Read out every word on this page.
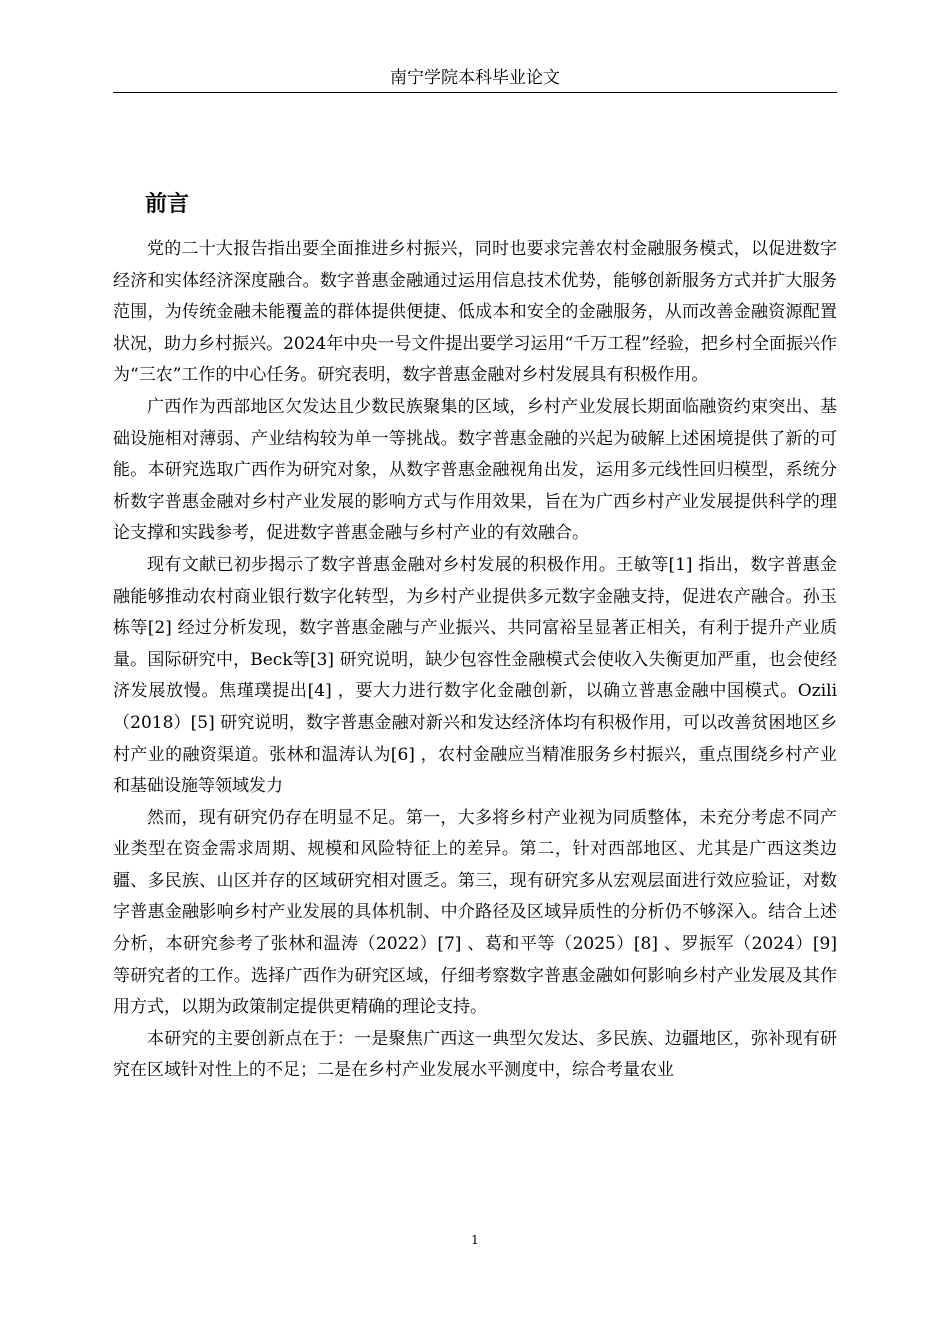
南宁学院本科毕业论文
前言

党的二十大报告指出要全面推进乡村振兴，同时也要求完善农村金融服务模式，以促进数字经济和实体经济深度融合。数字普惠金融通过运用信息技术优势，能够创新服务方式并扩大服务范围，为传统金融未能覆盖的群体提供便捷、低成本和安全的金融服务，从而改善金融资源配置状况，助力乡村振兴。2024年中央一号文件提出要学习运用“千万工程”经验，把乡村全面振兴作为“三农”工作的中心任务。研究表明，数字普惠金融对乡村发展具有积极作用。

广西作为西部地区欠发达且少数民族聚集的区域，乡村产业发展长期面临融资约束突出、基础设施相对薄弱、产业结构较为单一等挑战。数字普惠金融的兴起为破解上述困境提供了新的可能。本研究选取广西作为研究对象，从数字普惠金融视角出发，运用多元线性回归模型，系统分析数字普惠金融对乡村产业发展的影响方式与作用效果，旨在为广西乡村产业发展提供科学的理论支撑和实践参考，促进数字普惠金融与乡村产业的有效融合。

现有文献已初步揭示了数字普惠金融对乡村发展的积极作用。王敏等[1] 指出，数字普惠金融能够推动农村商业银行数字化转型，为乡村产业提供多元数字金融支持，促进农产融合。孙玉栋等[2] 经过分析发现，数字普惠金融与产业振兴、共同富裕呈显著正相关，有利于提升产业质量。国际研究中，Beck等[3] 研究说明，缺少包容性金融模式会使收入失衡更加严重，也会使经济发展放慢。焦瑾璞提出[4] ，要大力进行数字化金融创新，以确立普惠金融中国模式。Ozili（2018）[5] 研究说明，数字普惠金融对新兴和发达经济体均有积极作用，可以改善贫困地区乡村产业的融资渠道。张林和温涛认为[6] ，农村金融应当精准服务乡村振兴，重点围绕乡村产业和基础设施等领域发力

然而，现有研究仍存在明显不足。第一，大多将乡村产业视为同质整体，未充分考虑不同产业类型在资金需求周期、规模和风险特征上的差异。第二，针对西部地区、尤其是广西这类边疆、多民族、山区并存的区域研究相对匮乏。第三，现有研究多从宏观层面进行效应验证，对数字普惠金融影响乡村产业发展的具体机制、中介路径及区域异质性的分析仍不够深入。结合上述分析，本研究参考了张林和温涛（2022）[7] 、葛和平等（2025）[8] 、罗振军（2024）[9] 等研究者的工作。选择广西作为研究区域，仔细考察数字普惠金融如何影响乡村产业发展及其作用方式，以期为政策制定提供更精确的理论支持。

本研究的主要创新点在于：一是聚焦广西这一典型欠发达、多民族、边疆地区，弥补现有研究在区域针对性上的不足；二是在乡村产业发展水平测度中，综合考量农业

1
